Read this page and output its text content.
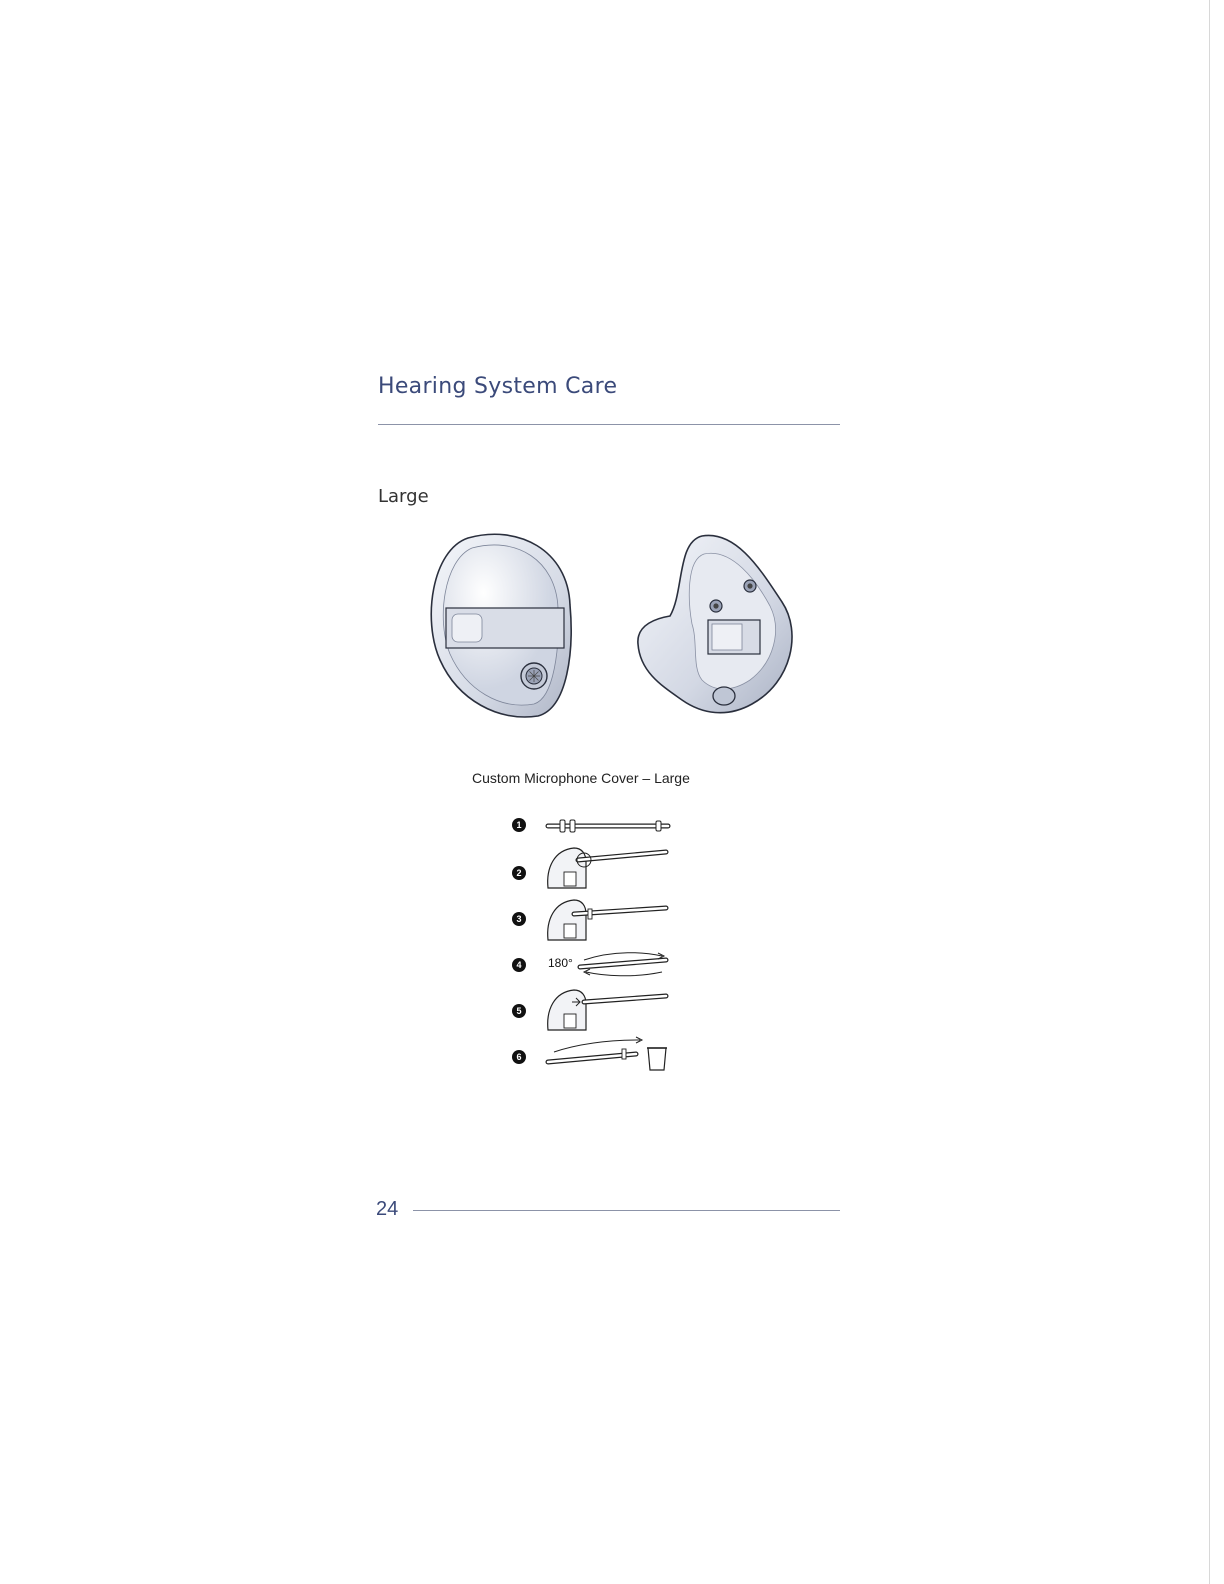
Hearing System Care
Large
Custom Microphone Cover – Large
1
2
3
4	180°
5
6
24
